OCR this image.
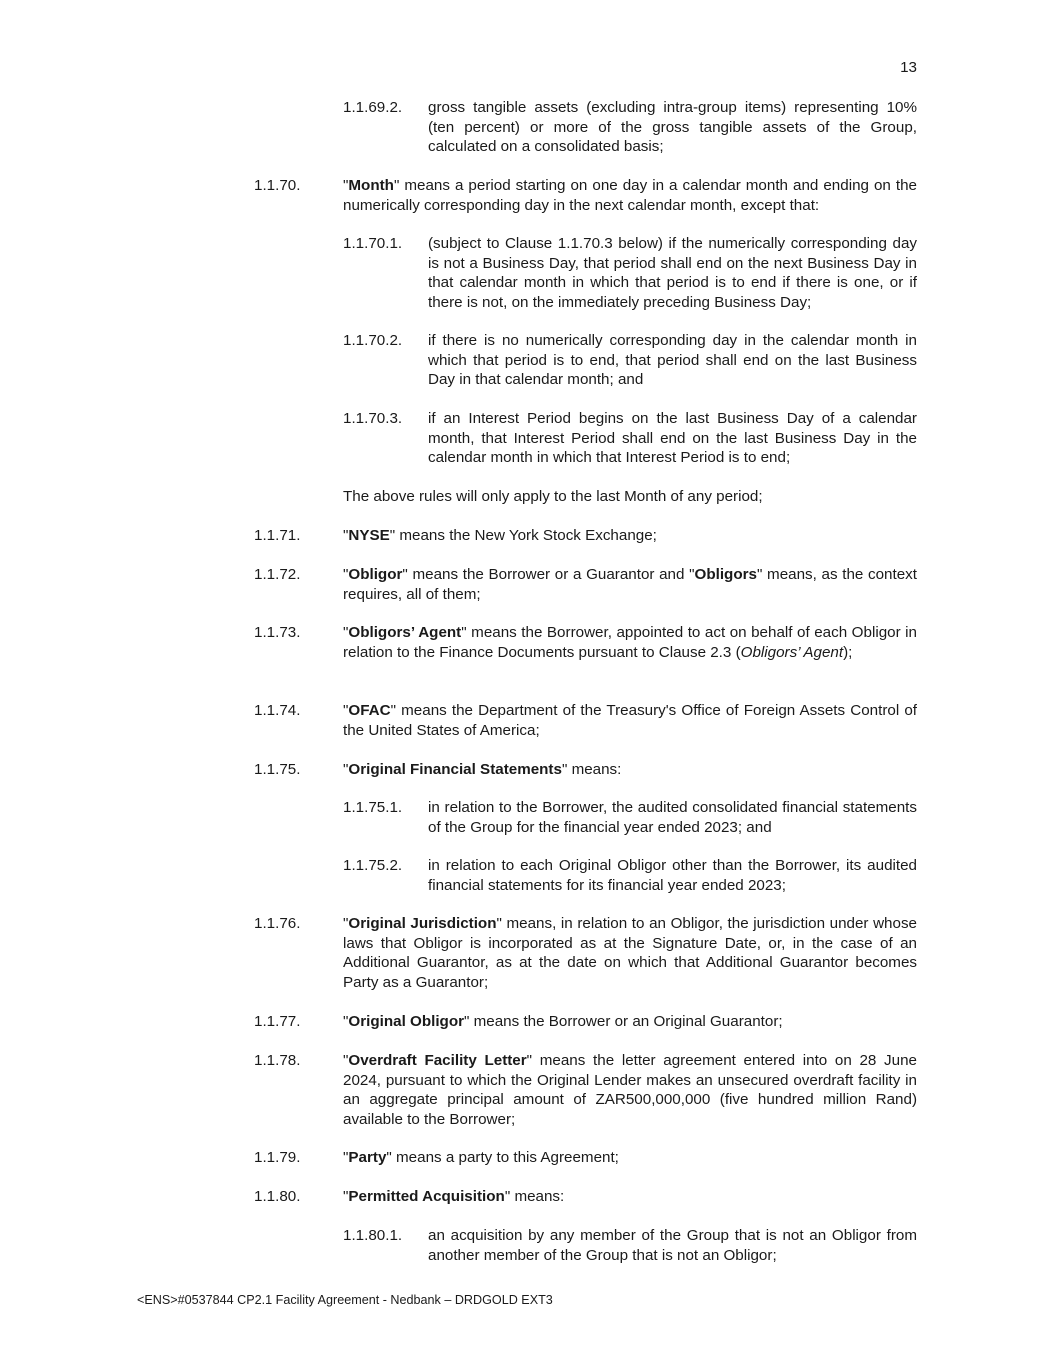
13
1.1.69.2. gross tangible assets (excluding intra-group items) representing 10% (ten percent) or more of the gross tangible assets of the Group, calculated on a consolidated basis;
1.1.70.	"Month" means a period starting on one day in a calendar month and ending on the numerically corresponding day in the next calendar month, except that:
1.1.70.1. (subject to Clause 1.1.70.3 below) if the numerically corresponding day is not a Business Day, that period shall end on the next Business Day in that calendar month in which that period is to end if there is one, or if there is not, on the immediately preceding Business Day;
1.1.70.2. if there is no numerically corresponding day in the calendar month in which that period is to end, that period shall end on the last Business Day in that calendar month; and
1.1.70.3. if an Interest Period begins on the last Business Day of a calendar month, that Interest Period shall end on the last Business Day in the calendar month in which that Interest Period is to end;
The above rules will only apply to the last Month of any period;
1.1.71.	"NYSE" means the New York Stock Exchange;
1.1.72.	"Obligor" means the Borrower or a Guarantor and "Obligors" means, as the context requires, all of them;
1.1.73.	"Obligors’ Agent" means the Borrower, appointed to act on behalf of each Obligor in relation to the Finance Documents pursuant to Clause 2.3 (Obligors’ Agent);
1.1.74.	"OFAC" means the Department of the Treasury's Office of Foreign Assets Control of the United States of America;
1.1.75.	"Original Financial Statements" means:
1.1.75.1. in relation to the Borrower, the audited consolidated financial statements of the Group for the financial year ended 2023; and
1.1.75.2. in relation to each Original Obligor other than the Borrower, its audited financial statements for its financial year ended 2023;
1.1.76.	"Original Jurisdiction" means, in relation to an Obligor, the jurisdiction under whose laws that Obligor is incorporated as at the Signature Date, or, in the case of an Additional Guarantor, as at the date on which that Additional Guarantor becomes Party as a Guarantor;
1.1.77.	"Original Obligor" means the Borrower or an Original Guarantor;
1.1.78.	"Overdraft Facility Letter" means the letter agreement entered into on 28 June 2024, pursuant to which the Original Lender makes an unsecured overdraft facility in an aggregate principal amount of ZAR500,000,000 (five hundred million Rand) available to the Borrower;
1.1.79.	"Party" means a party to this Agreement;
1.1.80.	"Permitted Acquisition" means:
1.1.80.1. an acquisition by any member of the Group that is not an Obligor from another member of the Group that is not an Obligor;
<ENS>#0537844 CP2.1 Facility Agreement - Nedbank – DRDGOLD EXT3
